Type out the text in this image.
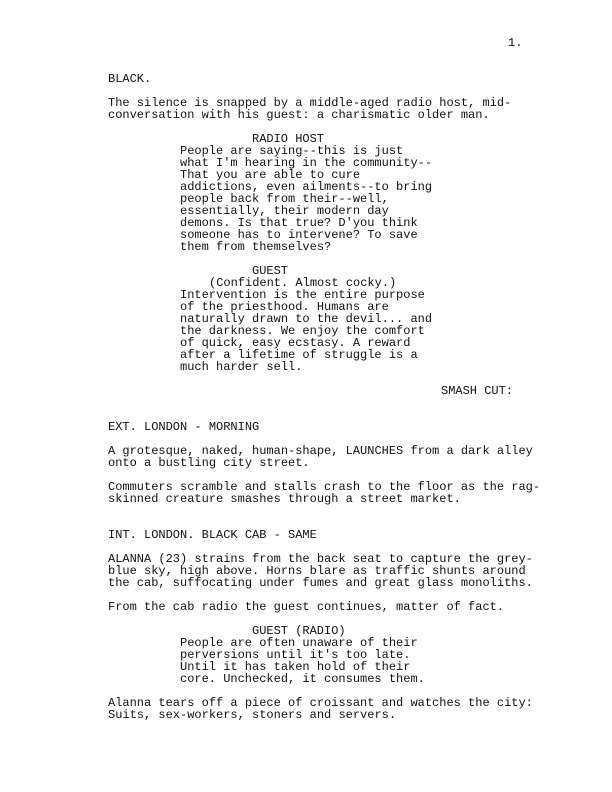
1.
BLACK.
The silence is snapped by a middle-aged radio host, mid-
conversation with his guest: a charismatic older man.
RADIO HOST
People are saying--this is just
what I'm hearing in the community--
That you are able to cure
addictions, even ailments--to bring
people back from their--well,
essentially, their modern day
demons. Is that true? D'you think
someone has to intervene? To save
them from themselves?
GUEST
(Confident. Almost cocky.)
Intervention is the entire purpose
of the priesthood. Humans are
naturally drawn to the devil... and
the darkness. We enjoy the comfort
of quick, easy ecstasy. A reward
after a lifetime of struggle is a
much harder sell.
SMASH CUT:
EXT. LONDON - MORNING
A grotesque, naked, human-shape, LAUNCHES from a dark alley
onto a bustling city street.
Commuters scramble and stalls crash to the floor as the rag-
skinned creature smashes through a street market.
INT. LONDON. BLACK CAB - SAME
ALANNA (23) strains from the back seat to capture the grey-
blue sky, high above. Horns blare as traffic shunts around
the cab, suffocating under fumes and great glass monoliths.
From the cab radio the guest continues, matter of fact.
GUEST (RADIO)
People are often unaware of their
perversions until it's too late.
Until it has taken hold of their
core. Unchecked, it consumes them.
Alanna tears off a piece of croissant and watches the city:
Suits, sex-workers, stoners and servers.
